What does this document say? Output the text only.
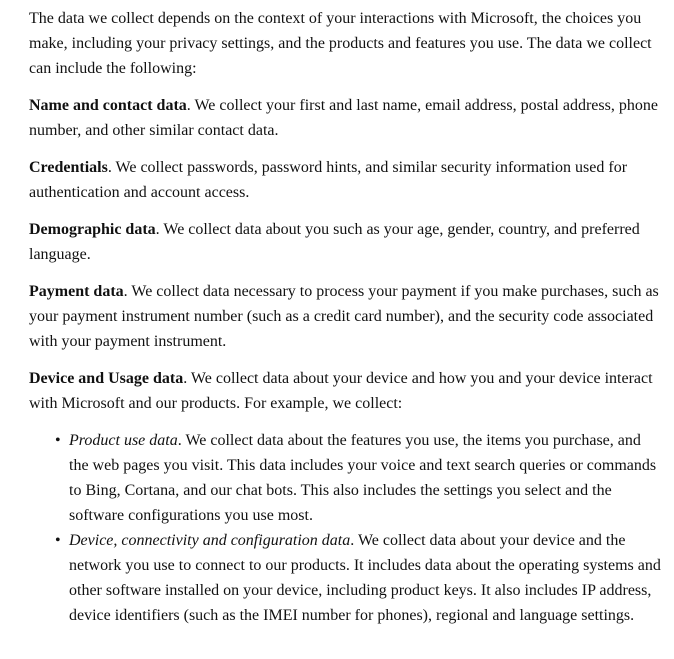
The data we collect depends on the context of your interactions with Microsoft, the choices you make, including your privacy settings, and the products and features you use. The data we collect can include the following:

Name and contact data. We collect your first and last name, email address, postal address, phone number, and other similar contact data.

Credentials. We collect passwords, password hints, and similar security information used for authentication and account access.

Demographic data. We collect data about you such as your age, gender, country, and preferred language.

Payment data. We collect data necessary to process your payment if you make purchases, such as your payment instrument number (such as a credit card number), and the security code associated with your payment instrument.

Device and Usage data. We collect data about your device and how you and your device interact with Microsoft and our products. For example, we collect:

• Product use data. We collect data about the features you use, the items you purchase, and the web pages you visit. This data includes your voice and text search queries or commands to Bing, Cortana, and our chat bots. This also includes the settings you select and the software configurations you use most.
• Device, connectivity and configuration data. We collect data about your device and the network you use to connect to our products. It includes data about the operating systems and other software installed on your device, including product keys. It also includes IP address, device identifiers (such as the IMEI number for phones), regional and language settings.
